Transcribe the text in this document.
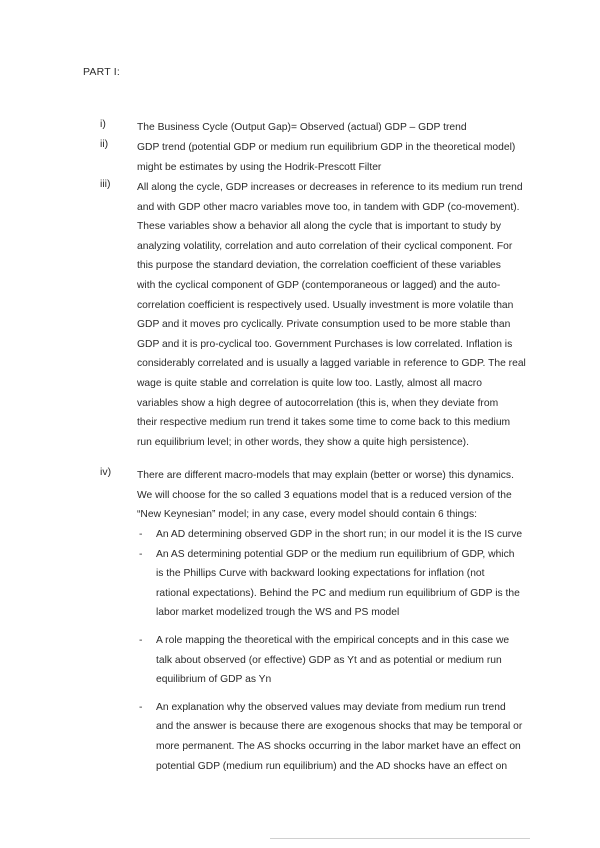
PART I:
i)	The Business Cycle (Output Gap)= Observed (actual) GDP – GDP trend
ii)	GDP trend (potential GDP or medium run equilibrium GDP in the theoretical model)
might be estimates by using the Hodrik-Prescott Filter
iii)	All along the cycle, GDP increases or decreases in reference to its medium run trend
and with GDP other macro variables move too, in tandem with GDP (co-movement).
These variables show a behavior all along the cycle that is important to study by
analyzing volatility, correlation and auto correlation of their cyclical component. For
this purpose the standard deviation, the correlation coefficient of these variables
with the cyclical component of GDP (contemporaneous or lagged) and the auto-
correlation coefficient is respectively used. Usually investment is more volatile than
GDP and it moves pro cyclically. Private consumption used to be more stable than
GDP and it is pro-cyclical too. Government Purchases is low correlated. Inflation is
considerably correlated and is usually a lagged variable in reference to GDP. The real
wage is quite stable and correlation is quite low too. Lastly, almost all macro
variables show a high degree of autocorrelation (this is, when they deviate from
their respective medium run trend it takes some time to come back to this medium
run equilibrium level; in other words, they show a quite high persistence).
iv)	There are different macro-models that may explain (better or worse) this dynamics.
We will choose for the so called 3 equations model that is a reduced version of the
“New Keynesian” model; in any case, every model should contain 6 things:
- An AD determining observed GDP in the short run; in our model it is the IS curve
- An AS determining potential GDP or the medium run equilibrium of GDP, which
is the Phillips Curve with backward looking expectations for inflation (not
rational expectations). Behind the PC and medium run equilibrium of GDP is the
labor market modelized trough the WS and PS model
- A role mapping the theoretical with the empirical concepts and in this case we
talk about observed (or effective) GDP as Yt and as potential or medium run
equilibrium of GDP as Yn
- An explanation why the observed values may deviate from medium run trend
and the answer is because there are exogenous shocks that may be temporal or
more permanent. The AS shocks occurring in the labor market have an effect on
potential GDP (medium run equilibrium) and the AD shocks have an effect on
